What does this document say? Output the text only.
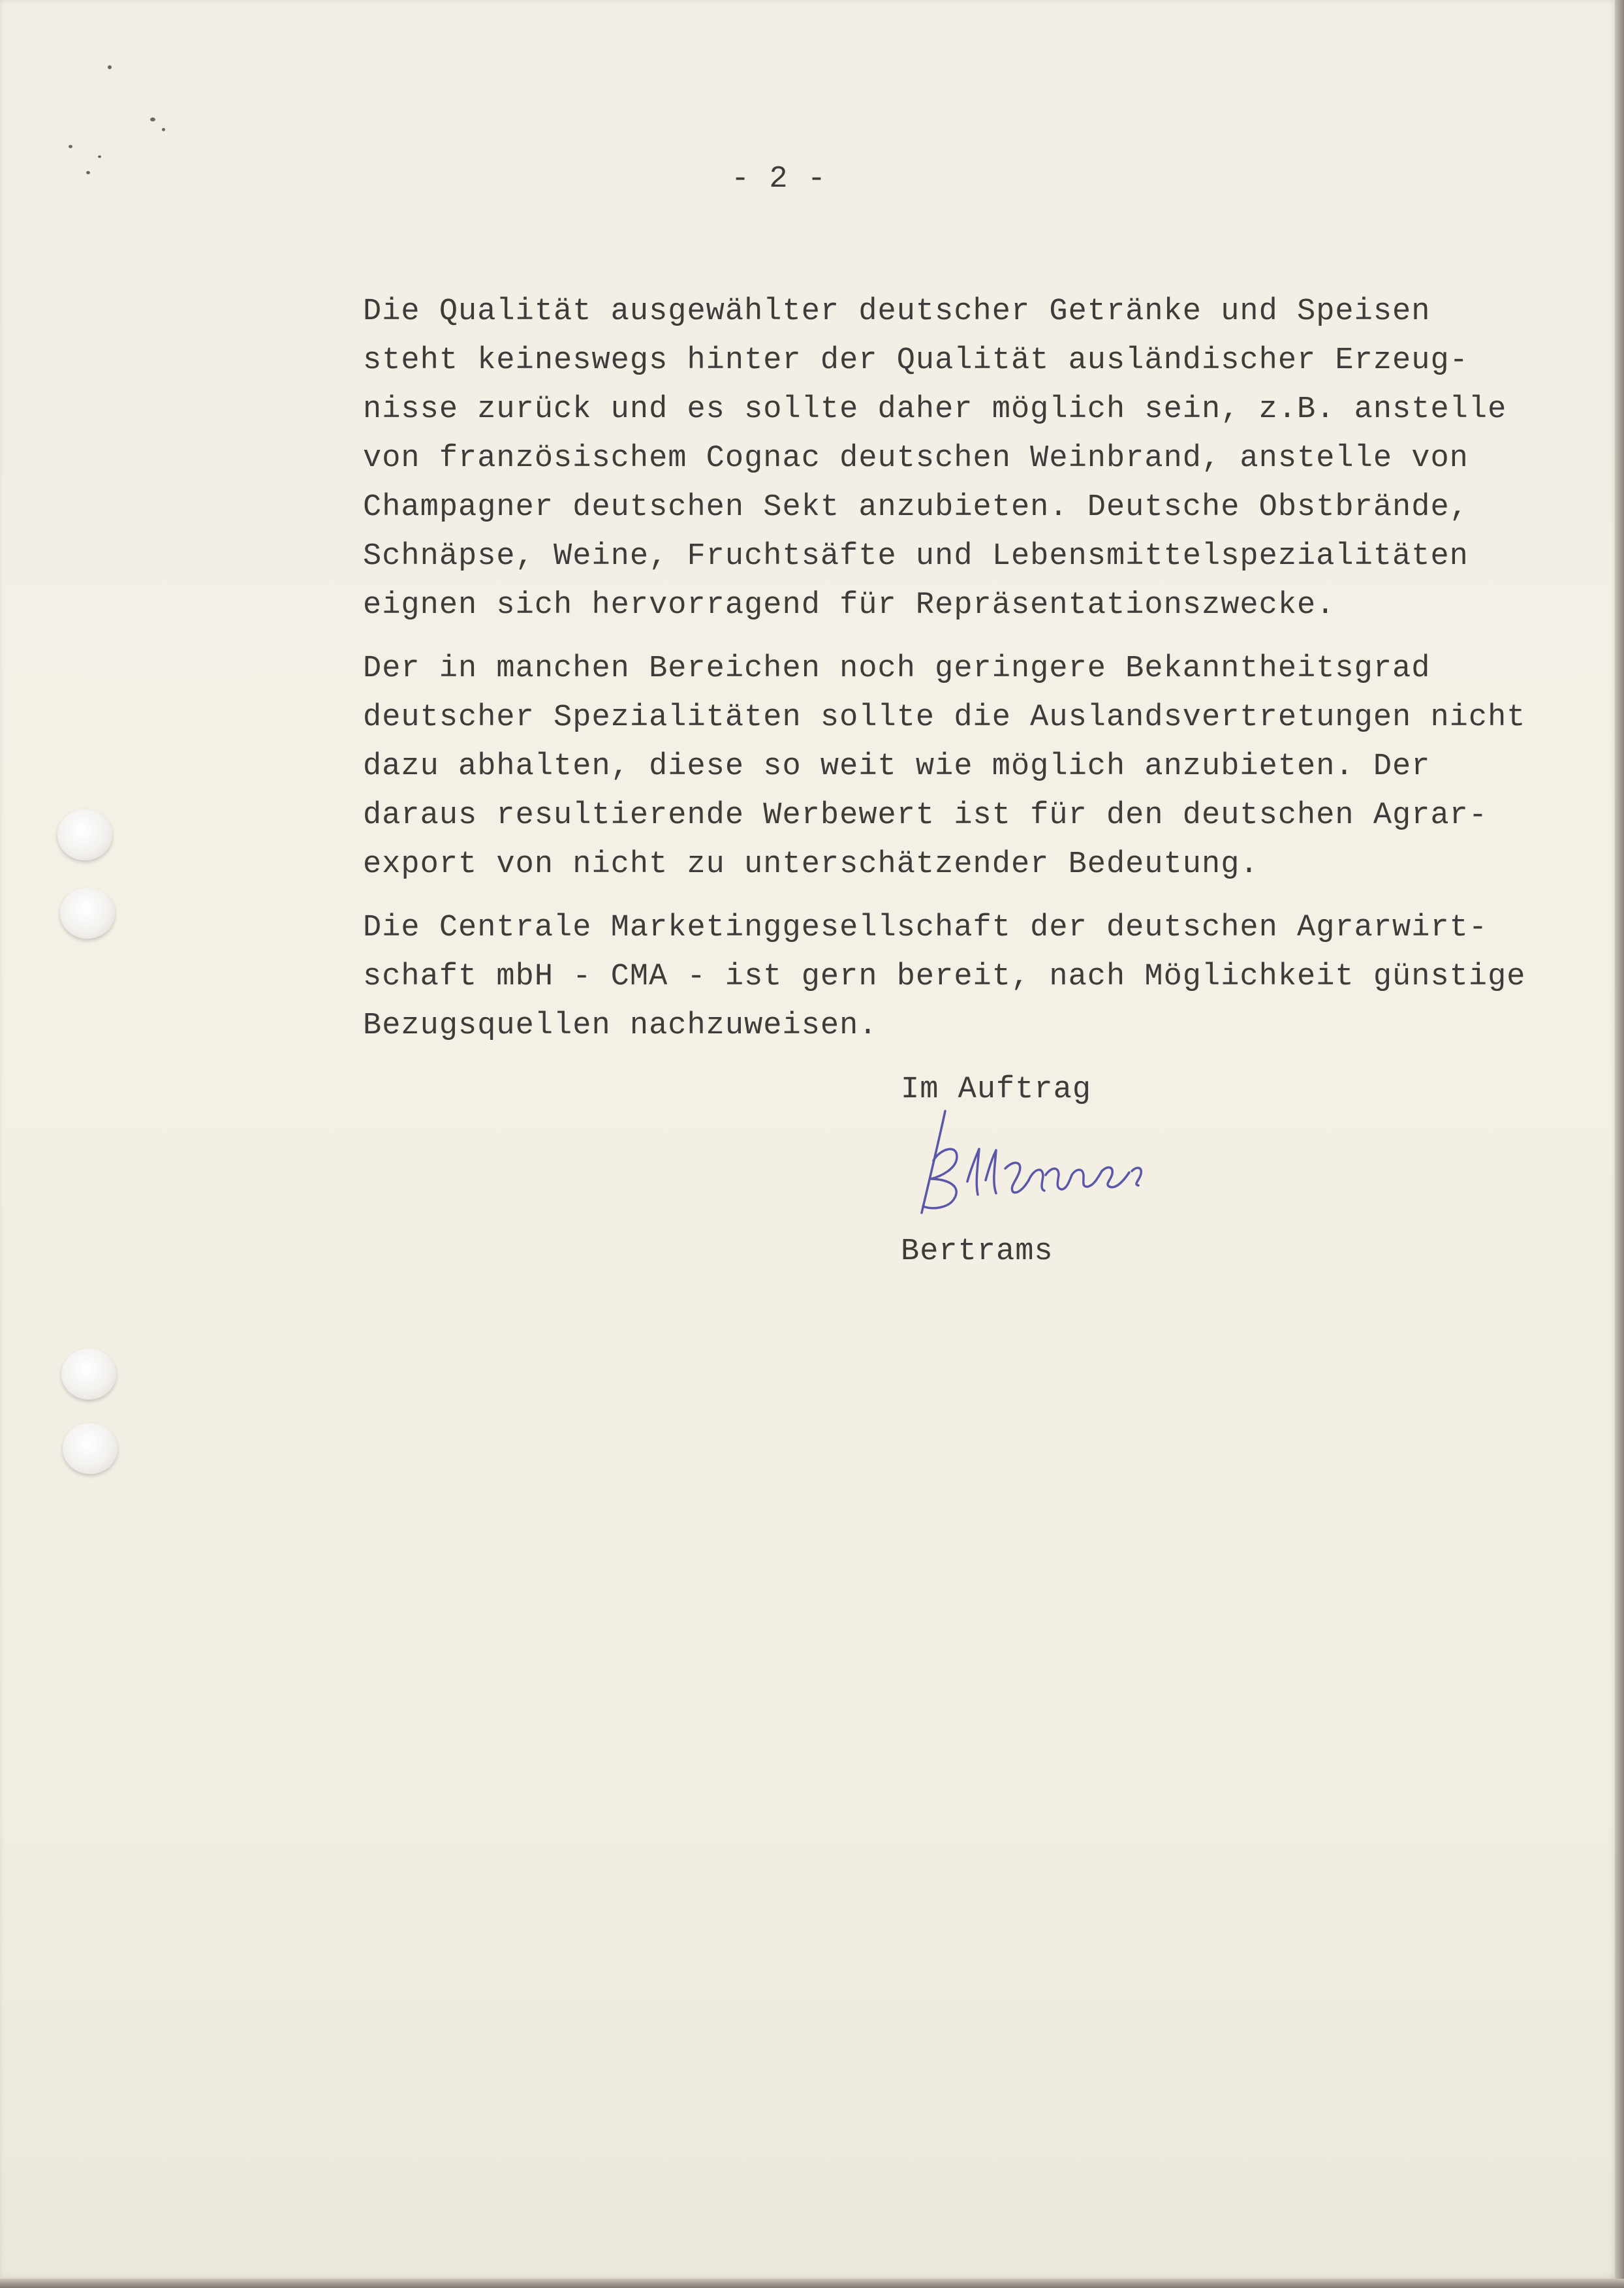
- 2 -
Die Qualität ausgewählter deutscher Getränke und Speisen
steht keineswegs hinter der Qualität ausländischer Erzeug-
nisse zurück und es sollte daher möglich sein, z.B. anstelle
von französischem Cognac deutschen Weinbrand, anstelle von
Champagner deutschen Sekt anzubieten. Deutsche Obstbrände,
Schnäpse, Weine, Fruchtsäfte und Lebensmittelspezialitäten
eignen sich hervorragend für Repräsentationszwecke.
Der in manchen Bereichen noch geringere Bekanntheitsgrad
deutscher Spezialitäten sollte die Auslandsvertretungen nicht
dazu abhalten, diese so weit wie möglich anzubieten. Der
daraus resultierende Werbewert ist für den deutschen Agrar-
export von nicht zu unterschätzender Bedeutung.
Die Centrale Marketinggesellschaft der deutschen Agrarwirt-
schaft mbH - CMA - ist gern bereit, nach Möglichkeit günstige
Bezugsquellen nachzuweisen.
Im Auftrag
Bertrams
